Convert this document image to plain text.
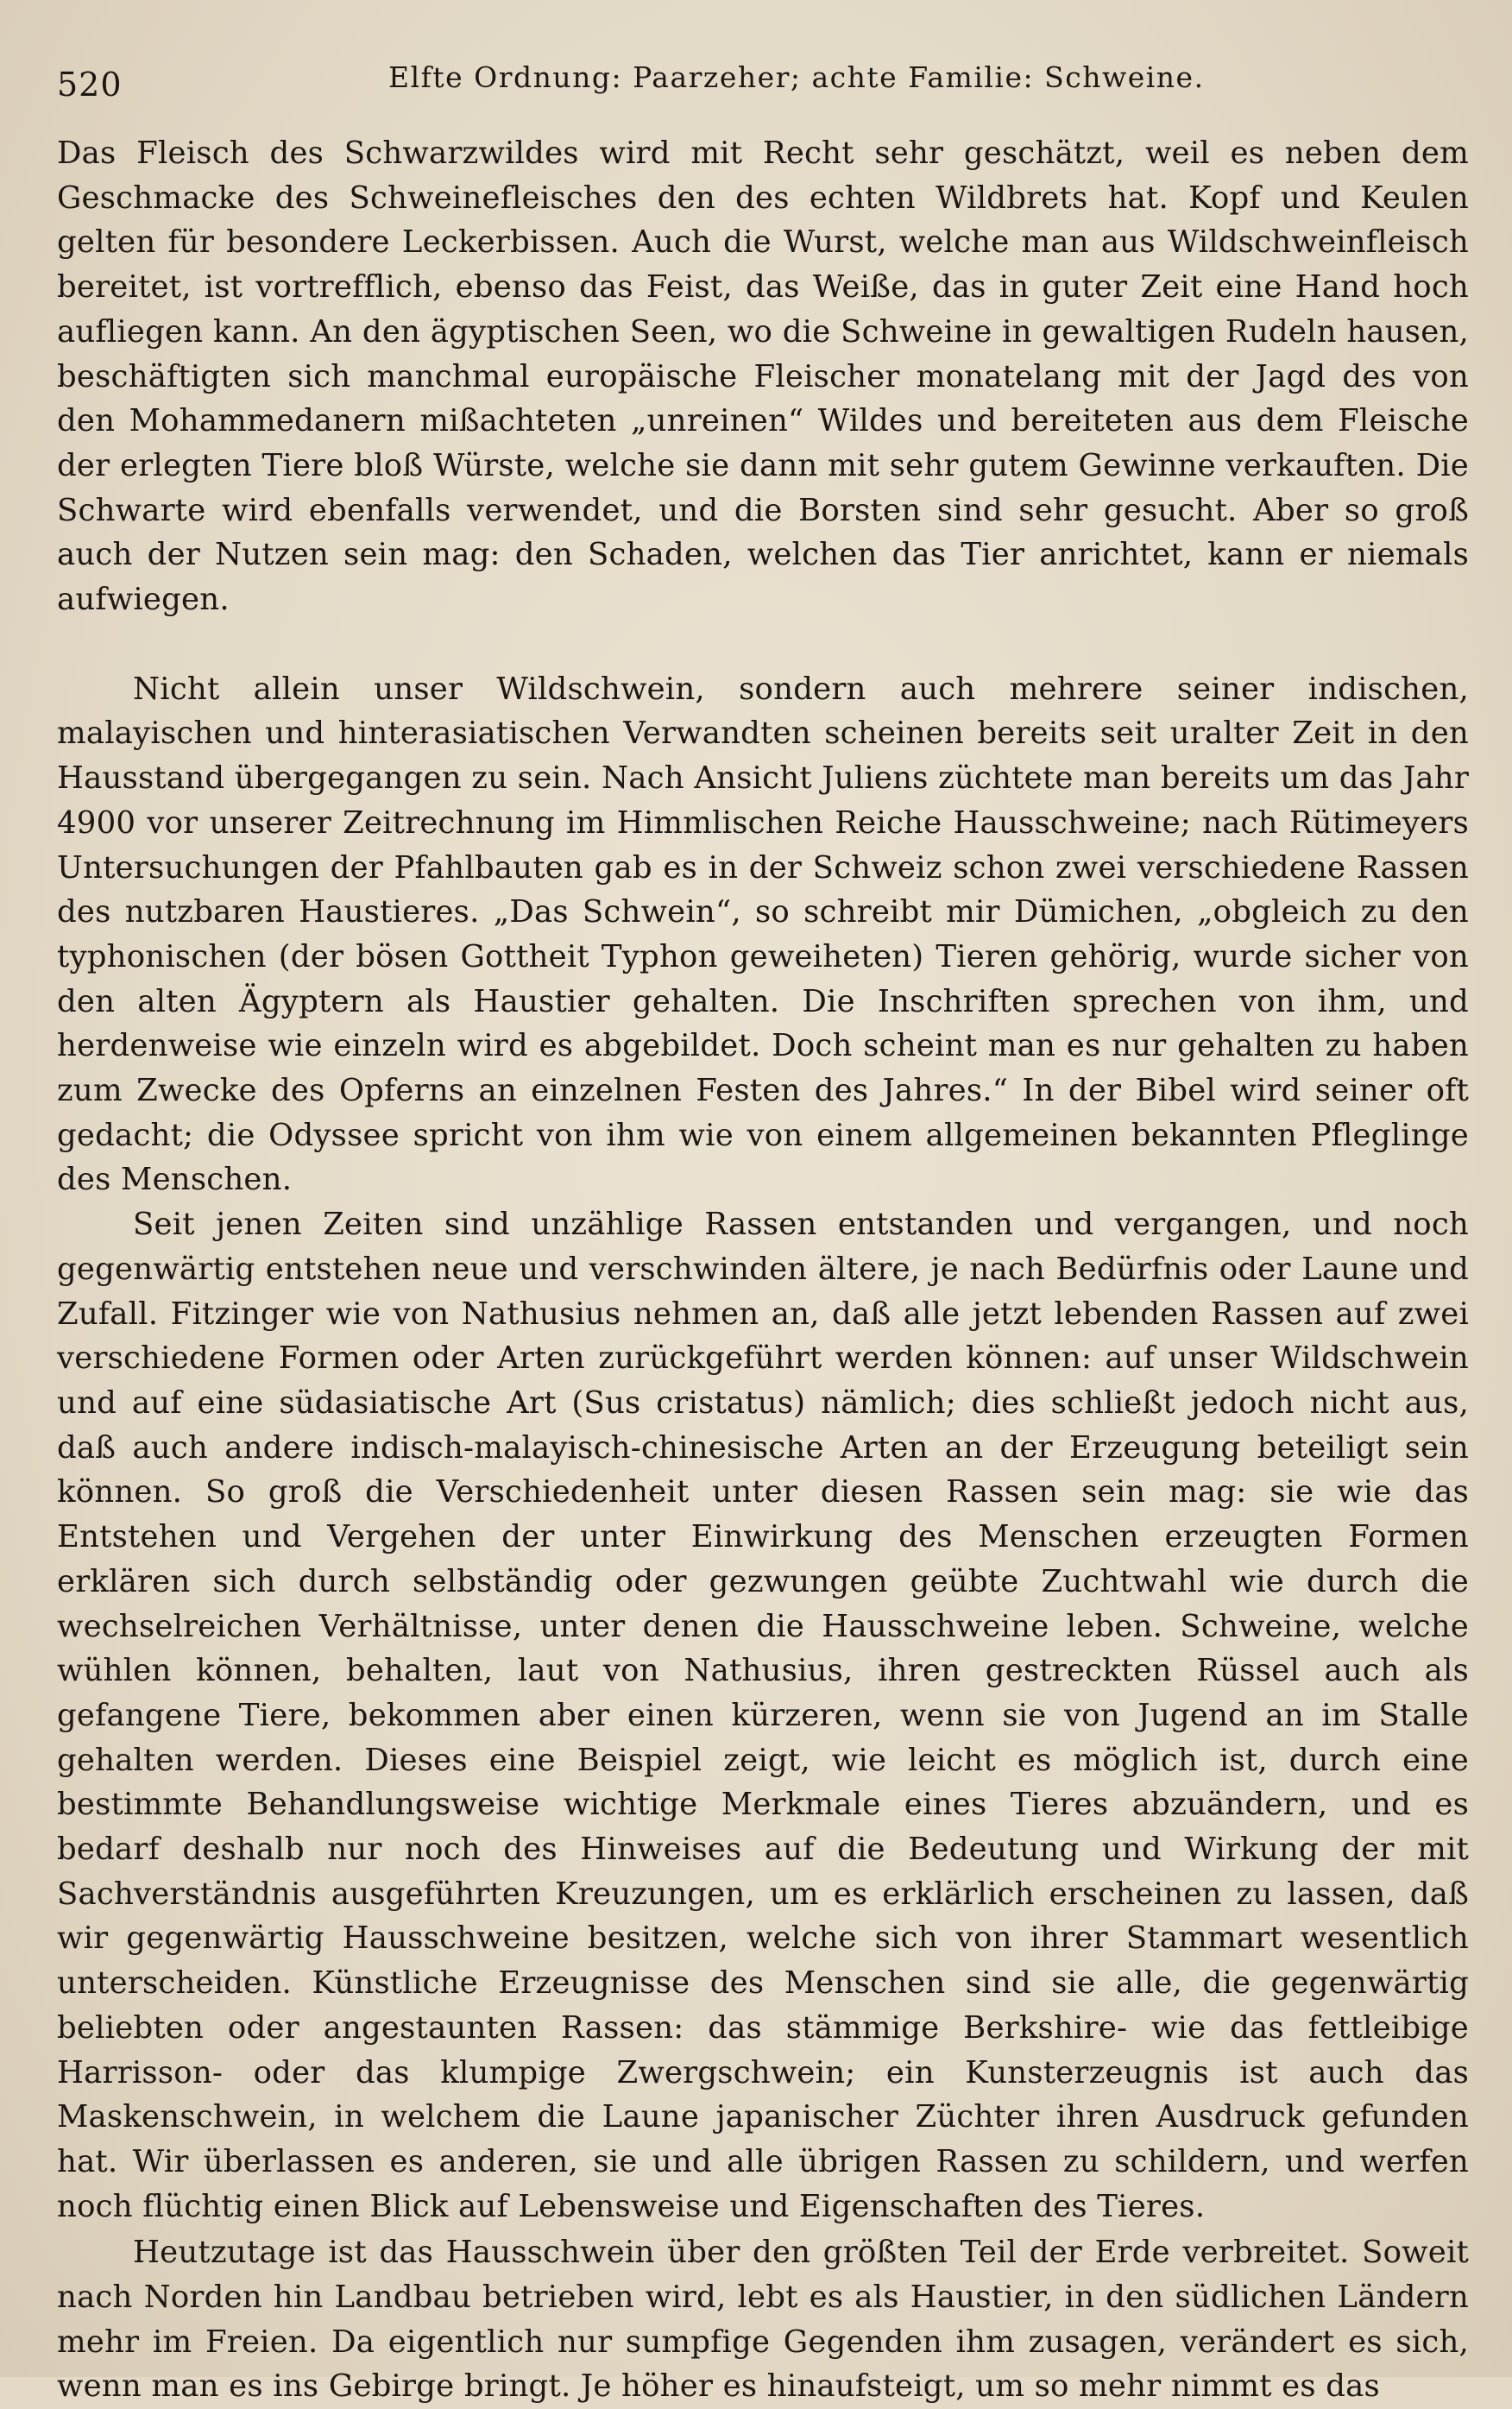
520	Elfte Ordnung: Paarzeher; achte Familie: Schweine.

Das Fleisch des Schwarzwildes wird mit Recht sehr geschätzt, weil es neben dem Geschmacke des Schweinefleisches den des echten Wildbrets hat. Kopf und Keulen gelten für besondere Leckerbissen. Auch die Wurst, welche man aus Wildschweinfleisch bereitet, ist vortrefflich, ebenso das Feist, das Weiße, das in guter Zeit eine Hand hoch aufliegen kann. An den ägyptischen Seen, wo die Schweine in gewaltigen Rudeln hausen, beschäftigten sich manchmal europäische Fleischer monatelang mit der Jagd des von den Mohammedanern mißachteten „unreinen“ Wildes und bereiteten aus dem Fleische der erlegten Tiere bloß Würste, welche sie dann mit sehr gutem Gewinne verkauften. Die Schwarte wird ebenfalls verwendet, und die Borsten sind sehr gesucht. Aber so groß auch der Nutzen sein mag: den Schaden, welchen das Tier anrichtet, kann er niemals aufwiegen.

Nicht allein unser Wildschwein, sondern auch mehrere seiner indischen, malayischen und hinterasiatischen Verwandten scheinen bereits seit uralter Zeit in den Hausstand übergegangen zu sein. Nach Ansicht Juliens züchtete man bereits um das Jahr 4900 vor unserer Zeitrechnung im Himmlischen Reiche Hausschweine; nach Rütimeyers Untersuchungen der Pfahlbauten gab es in der Schweiz schon zwei verschiedene Rassen des nutzbaren Haustieres. „Das Schwein“, so schreibt mir Dümichen, „obgleich zu den typhonischen (der bösen Gottheit Typhon geweiheten) Tieren gehörig, wurde sicher von den alten Ägyptern als Haustier gehalten. Die Inschriften sprechen von ihm, und herdenweise wie einzeln wird es abgebildet. Doch scheint man es nur gehalten zu haben zum Zwecke des Opferns an einzelnen Festen des Jahres.“ In der Bibel wird seiner oft gedacht; die Odyssee spricht von ihm wie von einem allgemeinen bekannten Pfleglinge des Menschen.

Seit jenen Zeiten sind unzählige Rassen entstanden und vergangen, und noch gegenwärtig entstehen neue und verschwinden ältere, je nach Bedürfnis oder Laune und Zufall. Fitzinger wie von Nathusius nehmen an, daß alle jetzt lebenden Rassen auf zwei verschiedene Formen oder Arten zurückgeführt werden können: auf unser Wildschwein und auf eine südasiatische Art (Sus cristatus) nämlich; dies schließt jedoch nicht aus, daß auch andere indisch-malayisch-chinesische Arten an der Erzeugung beteiligt sein können. So groß die Verschiedenheit unter diesen Rassen sein mag: sie wie das Entstehen und Vergehen der unter Einwirkung des Menschen erzeugten Formen erklären sich durch selbständig oder gezwungen geübte Zuchtwahl wie durch die wechselreichen Verhältnisse, unter denen die Hausschweine leben. Schweine, welche wühlen können, behalten, laut von Nathusius, ihren gestreckten Rüssel auch als gefangene Tiere, bekommen aber einen kürzeren, wenn sie von Jugend an im Stalle gehalten werden. Dieses eine Beispiel zeigt, wie leicht es möglich ist, durch eine bestimmte Behandlungsweise wichtige Merkmale eines Tieres abzuändern, und es bedarf deshalb nur noch des Hinweises auf die Bedeutung und Wirkung der mit Sachverständnis ausgeführten Kreuzungen, um es erklärlich erscheinen zu lassen, daß wir gegenwärtig Hausschweine besitzen, welche sich von ihrer Stammart wesentlich unterscheiden. Künstliche Erzeugnisse des Menschen sind sie alle, die gegenwärtig beliebten oder angestaunten Rassen: das stämmige Berkshire- wie das fettleibige Harrisson- oder das klumpige Zwergschwein; ein Kunsterzeugnis ist auch das Maskenschwein, in welchem die Laune japanischer Züchter ihren Ausdruck gefunden hat. Wir überlassen es anderen, sie und alle übrigen Rassen zu schildern, und werfen noch flüchtig einen Blick auf Lebensweise und Eigenschaften des Tieres.

Heutzutage ist das Hausschwein über den größten Teil der Erde verbreitet. Soweit nach Norden hin Landbau betrieben wird, lebt es als Haustier, in den südlichen Ländern mehr im Freien. Da eigentlich nur sumpfige Gegenden ihm zusagen, verändert es sich, wenn man es ins Gebirge bringt. Je höher es hinaufsteigt, um so mehr nimmt es das
